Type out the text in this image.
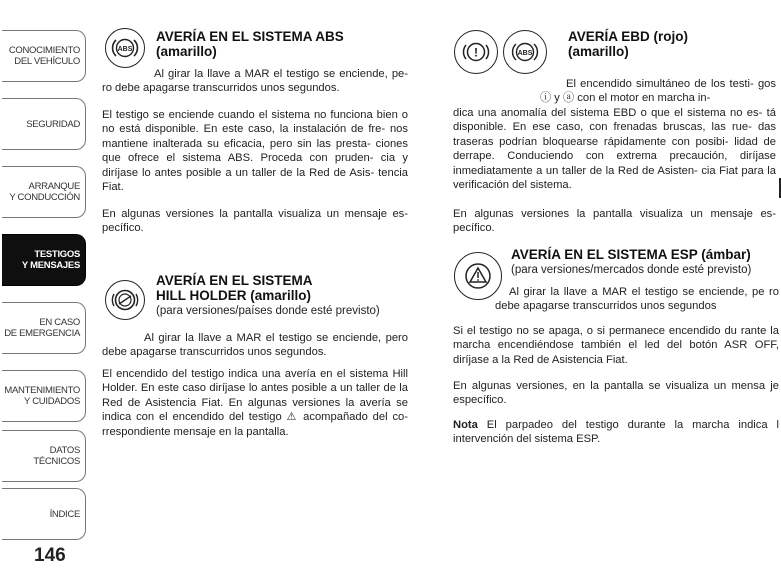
CONOCIMIENTO
DEL VEHÍCULO
SEGURIDAD
ARRANQUE
Y CONDUCCIÓN
TESTIGOS
Y MENSAJES
EN CASO
DE EMERGENCIA
MANTENIMIENTO
Y CUIDADOS
DATOS TÉCNICOS
ÍNDICE
146
ABS
AVERÍA EN EL SISTEMA ABS
(amarillo)

Al girar la llave a MAR el testigo se enciende, pe- ro debe apagarse transcurridos unos segundos.

El testigo se enciende cuando el sistema no funciona bien o no está disponible. En este caso, la instalación de fre- nos mantiene inalterada su eficacia, pero sin las presta- ciones que ofrece el sistema ABS. Proceda con pruden- cia y diríjase lo antes posible a un taller de la Red de Asis- tencia Fiat.

En algunas versiones la pantalla visualiza un mensaje es- pecífico.

AVERÍA EN EL SISTEMA
HILL HOLDER (amarillo)
(para versiones/países donde esté previsto)

Al girar la llave a MAR el testigo se enciende, pero debe apagarse transcurridos unos segundos.

El encendido del testigo indica una avería en el sistema Hill Holder. En este caso diríjase lo antes posible a un taller de la Red de Asistencia Fiat. En algunas versiones la avería se indica con el encendido del testigo ⚠ acompañado del co- rrespondiente mensaje en la pantalla.

!	ABS
AVERÍA EBD (rojo)
(amarillo)

El encendido simultáneo de los testi- gos ⓘ y ⓐ con el motor en marcha in-

dica una anomalía del sistema EBD o que el sistema no es- tá disponible. En ese caso, con frenadas bruscas, las rue- das traseras podrían bloquearse rápidamente con posibi- lidad de derrape. Conduciendo con extrema precaución, diríjase inmediatamente a un taller de la Red de Asisten- cia Fiat para la verificación del sistema.

En algunas versiones la pantalla visualiza un mensaje es- pecífico.

AVERÍA EN EL SISTEMA ESP (ámbar)
(para versiones/mercados donde esté previsto)

Al girar la llave a MAR el testigo se enciende, pe ro debe apagarse transcurridos unos segundos

Si el testigo no se apaga, o si permanece encendido du rante la marcha encendiéndose también el led del botón ASR OFF, diríjase a la Red de Asistencia Fiat.

En algunas versiones, en la pantalla se visualiza un mensa je específico.

Nota El parpadeo del testigo durante la marcha indica l intervención del sistema ESP.
